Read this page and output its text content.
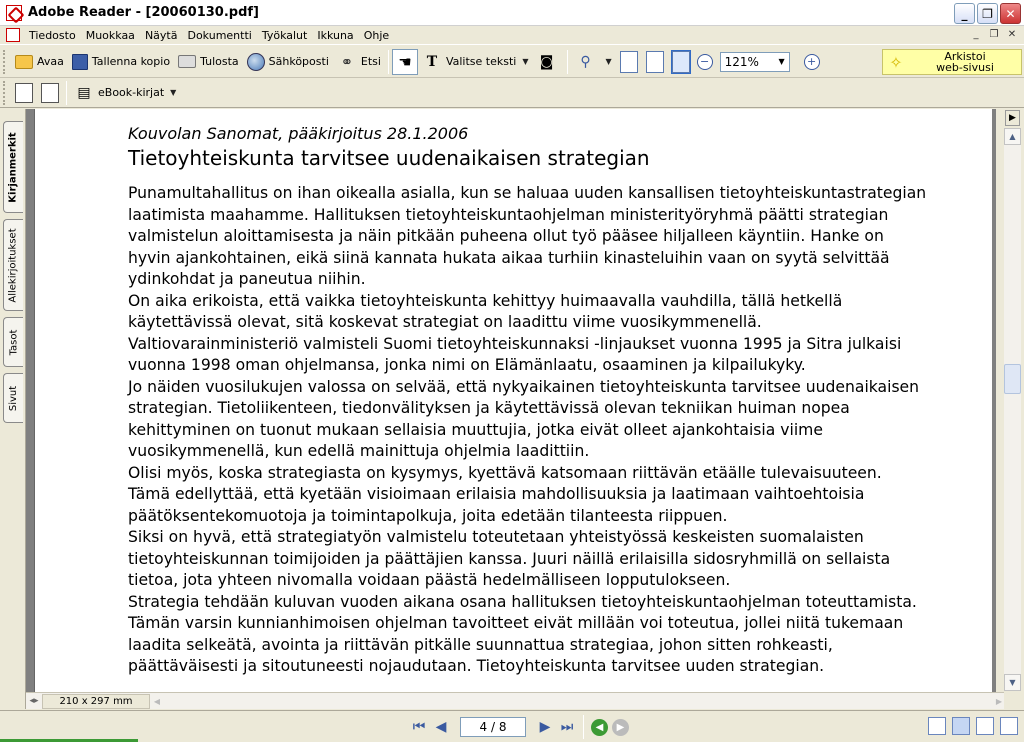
Adobe Reader - [20060130.pdf]	_	❐	✕
Tiedosto Muokkaa Näytä Dokumentti Työkalut Ikkuna Ohje	_	❐ ✕
Avaa	Tallenna kopio	Tulosta	Sähköposti ⚭ Etsi ☚	T Valitse teksti ▼ ◙	⚲	▼	− 121% ▼	+	✧	Arkistoi
web-sivusi
▤ eBook-kirjat ▼
Kirjanmerkit
Allekirjoitukset
Tasot
Sivut
Kouvolan Sanomat, pääkirjoitus 28.1.2006
Tietoyhteiskunta tarvitsee uudenaikaisen strategian

Punamultahallitus on ihan oikealla asialla, kun se haluaa uuden kansallisen tietoyhteiskuntastrategian laatimista maahamme. Hallituksen tietoyhteiskuntaohjelman ministerityöryhmä päätti strategian valmistelun aloittamisesta ja näin pitkään puheena ollut työ pääsee hiljalleen käyntiin. Hanke on hyvin ajankohtainen, eikä siinä kannata hukata aikaa turhiin kinasteluihin vaan on syytä selvittää ydinkohdat ja paneutua niihin.

On aika erikoista, että vaikka tietoyhteiskunta kehittyy huimaavalla vauhdilla, tällä hetkellä käytettävissä olevat, sitä koskevat strategiat on laadittu viime vuosikymmenellä.

Valtiovarainministeriö valmisteli Suomi tietoyhteiskunnaksi -linjaukset vuonna 1995 ja Sitra julkaisi vuonna 1998 oman ohjelmansa, jonka nimi on Elämänlaatu, osaaminen ja kilpailukyky.

Jo näiden vuosilukujen valossa on selvää, että nykyaikainen tietoyhteiskunta tarvitsee uudenaikaisen strategian. Tietoliikenteen, tiedonvälityksen ja käytettävissä olevan tekniikan huiman nopea kehittyminen on tuonut mukaan sellaisia muuttujia, jotka eivät olleet ajankohtaisia viime vuosikymmenellä, kun edellä mainittuja ohjelmia laadittiin.

Olisi myös, koska strategiasta on kysymys, kyettävä katsomaan riittävän etäälle tulevaisuuteen. Tämä edellyttää, että kyetään visioimaan erilaisia mahdollisuuksia ja laatimaan vaihtoehtoisia päätöksentekomuotoja ja toimintapolkuja, joita edetään tilanteesta riippuen.

Siksi on hyvä, että strategiatyön valmistelu toteutetaan yhteistyössä keskeisten suomalaisten tietoyhteiskunnan toimijoiden ja päättäjien kanssa. Juuri näillä erilaisilla sidosryhmillä on sellaista tietoa, jota yhteen nivomalla voidaan päästä hedelmälliseen lopputulokseen.

Strategia tehdään kuluvan vuoden aikana osana hallituksen tietoyhteiskuntaohjelman toteuttamista. Tämän varsin kunnianhimoisen ohjelman tavoitteet eivät millään voi toteutua, jollei niitä tukemaan laadita selkeätä, avointa ja riittävän pitkälle suunnattua strategiaa, johon sitten rohkeasti, päättäväisesti ja sitoutuneesti nojaudutaan. Tietoyhteiskunta tarvitsee uuden strategian.

▶
▲
▼
◂▸	210 x 297 mm	◀	▶
⏮ ◀	4 / 8	▶ ⏭	◀	▶
